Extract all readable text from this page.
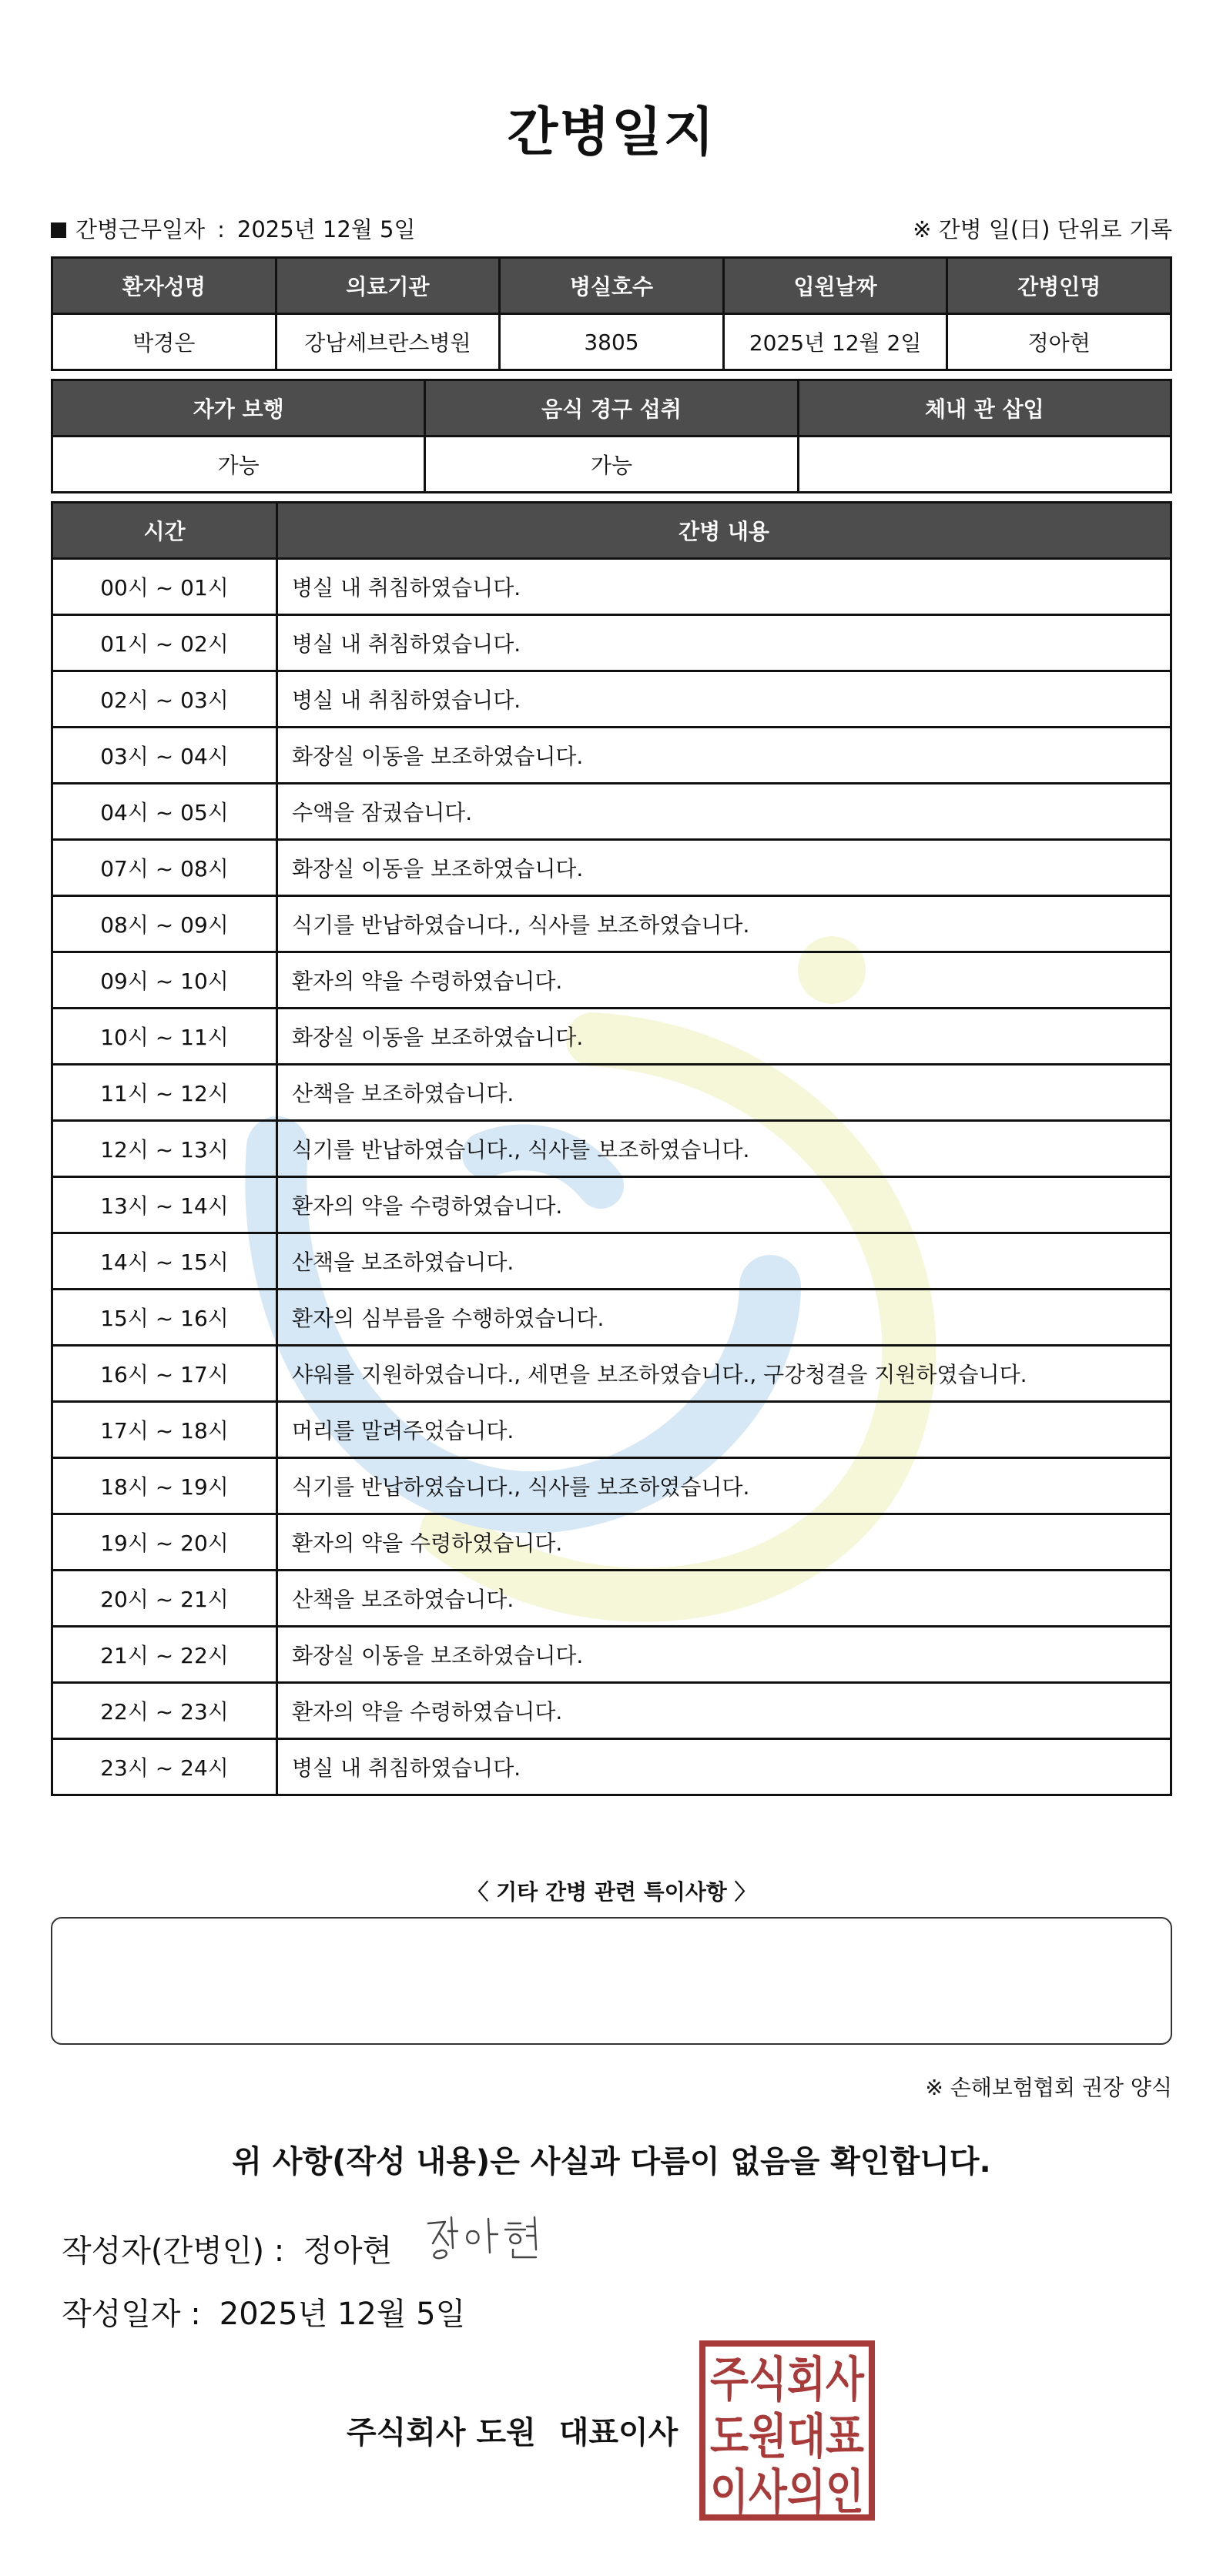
간병일지
간병근무일자 : 2025년 12월 5일	※ 간병 일(日) 단위로 기록
환자성명	의료기관	병실호수	입원날짜	간병인명
박경은	강남세브란스병원	3805	2025년 12월 2일	정아현
자가 보행	음식 경구 섭취	체내 관 삽입
가능	가능	
시간	간병 내용
00시 ~ 01시	병실 내 취침하였습니다.
01시 ~ 02시	병실 내 취침하였습니다.
02시 ~ 03시	병실 내 취침하였습니다.
03시 ~ 04시	화장실 이동을 보조하였습니다.
04시 ~ 05시	수액을 잠궜습니다.
07시 ~ 08시	화장실 이동을 보조하였습니다.
08시 ~ 09시	식기를 반납하였습니다., 식사를 보조하였습니다.
09시 ~ 10시	환자의 약을 수령하였습니다.
10시 ~ 11시	화장실 이동을 보조하였습니다.
11시 ~ 12시	산책을 보조하였습니다.
12시 ~ 13시	식기를 반납하였습니다., 식사를 보조하였습니다.
13시 ~ 14시	환자의 약을 수령하였습니다.
14시 ~ 15시	산책을 보조하였습니다.
15시 ~ 16시	환자의 심부름을 수행하였습니다.
16시 ~ 17시	샤워를 지원하였습니다., 세면을 보조하였습니다., 구강청결을 지원하였습니다.
17시 ~ 18시	머리를 말려주었습니다.
18시 ~ 19시	식기를 반납하였습니다., 식사를 보조하였습니다.
19시 ~ 20시	환자의 약을 수령하였습니다.
20시 ~ 21시	산책을 보조하였습니다.
21시 ~ 22시	화장실 이동을 보조하였습니다.
22시 ~ 23시	환자의 약을 수령하였습니다.
23시 ~ 24시	병실 내 취침하였습니다.
〈 기타 간병 관련 특이사항 〉
※ 손해보험협회 권장 양식
위 사항(작성 내용)은 사실과 다름이 없음을 확인합니다.
작성자(간병인) : 정아현
작성일자 : 2025년 12월 5일
주식회사 도원 대표이사
주식회사
도원대표
이사의인
